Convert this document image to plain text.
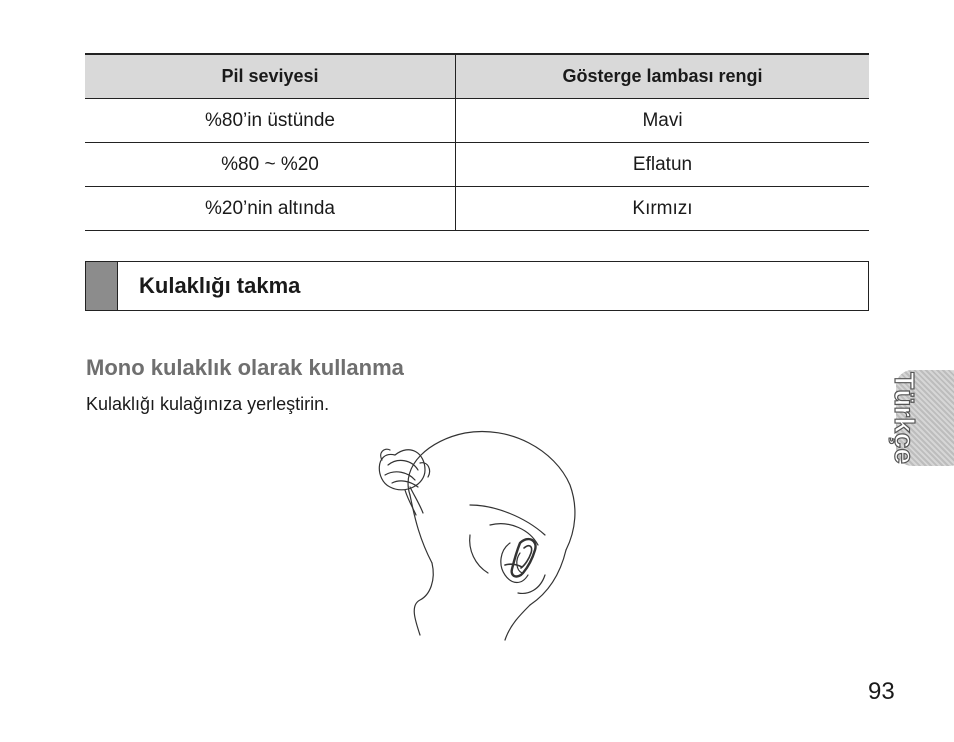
Pil seviyesi	Gösterge lambası rengi
%80’in üstünde	Mavi
%80 ~ %20	Eflatun
%20’nin altında	Kırmızı
Kulaklığı takma
Mono kulaklık olarak kullanma
Kulaklığı kulağınıza yerleştirin.	Türkçe
93
